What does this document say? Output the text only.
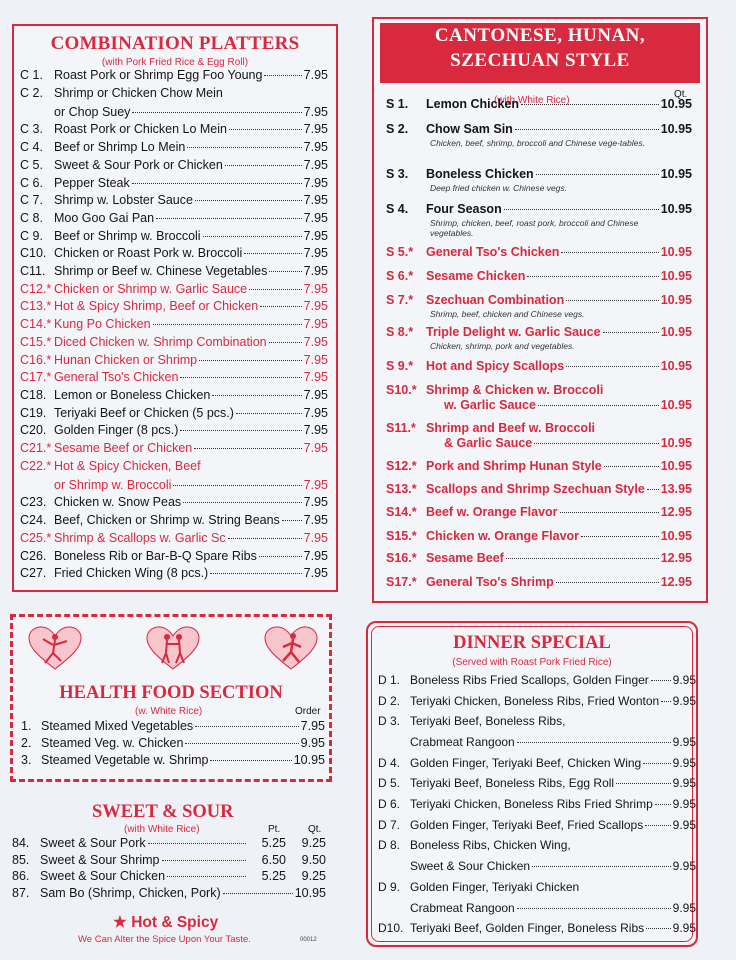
COMBINATION PLATTERS
(with Pork Fried Rice & Egg Roll)
C 1. Roast Pork or Shrimp Egg Foo Young	7.95
C 2. Shrimp or Chicken Chow Mein
or Chop Suey	7.95
C 3. Roast Pork or Chicken Lo Mein	7.95
C 4. Beef or Shrimp Lo Mein	7.95
C 5. Sweet & Sour Pork or Chicken	7.95
C 6. Pepper Steak	7.95
C 7. Shrimp w. Lobster Sauce	7.95
C 8. Moo Goo Gai Pan	7.95
C 9. Beef or Shrimp w. Broccoli	7.95
C10. Chicken or Roast Pork w. Broccoli	7.95
C11. Shrimp or Beef w. Chinese Vegetables	7.95
C12.* Chicken or Shrimp w. Garlic Sauce	7.95
C13.* Hot & Spicy Shrimp, Beef or Chicken	7.95
C14.* Kung Po Chicken	7.95
C15.* Diced Chicken w. Shrimp Combination	7.95
C16.* Hunan Chicken or Shrimp	7.95
C17.* General Tso's Chicken	7.95
C18. Lemon or Boneless Chicken	7.95
C19. Teriyaki Beef or Chicken (5 pcs.)	7.95
C20. Golden Finger (8 pcs.)	7.95
C21.* Sesame Beef or Chicken	7.95
C22.* Hot & Spicy Chicken, Beef
or Shrimp w. Broccoli	7.95
C23. Chicken w. Snow Peas	7.95
C24. Beef, Chicken or Shrimp w. String Beans 7.95
C25.* Shrimp & Scallops w. Garlic Sc	7.95
C26. Boneless Rib or Bar-B-Q Spare Ribs	7.95
C27. Fried Chicken Wing (8 pcs.)	7.95
CANTONESE, HUNAN,
SZECHUAN STYLE
(with White Rice)
Qt.
S 1.	Lemon Chicken	10.95
S 2.	Chow Sam Sin	10.95
Chicken, beef, shrimp, broccoli and Chinese vege-tables.
S 3.	Boneless Chicken	10.95
Deep fried chicken w. Chinese vegs.
S 4.	Four Season	10.95
Shrimp, chicken, beef, roast pork, broccoli and Chinese vegetables.
S 5.*	General Tso's Chicken	10.95
S 6.*	Sesame Chicken	10.95
S 7.*	Szechuan Combination	10.95
Shrimp, beef, chicken and Chinese vegs.
S 8.*	Triple Delight w. Garlic Sauce	10.95
Chicken, shrimp, pork and vegetables.
S 9.*	Hot and Spicy Scallops	10.95
S10.* Shrimp & Chicken w. Broccoli
w. Garlic Sauce	10.95
S11.* Shrimp and Beef w. Broccoli
& Garlic Sauce	10.95
S12.* Pork and Shrimp Hunan Style	10.95
S13.* Scallops and Shrimp Szechuan Style 13.95
S14.* Beef w. Orange Flavor	12.95
S15.* Chicken w. Orange Flavor	10.95
S16.* Sesame Beef	12.95
S17.* General Tso's Shrimp	12.95
HEALTH FOOD SECTION
(w. White Rice)	Order
1. Steamed Mixed Vegetables	7.95
2. Steamed Veg. w. Chicken	9.95
3. Steamed Vegetable w. Shrimp	10.95
SWEET & SOUR
(with White Rice)	Pt.	Qt.
84. Sweet & Sour Pork	5.25	9.25
85. Sweet & Sour Shrimp	6.50	9.50
86. Sweet & Sour Chicken	5.25	9.25
87. Sam Bo (Shrimp, Chicken, Pork)	10.95
★ Hot & Spicy
We Can Alter the Spice Upon Your Taste.	00012
DINNER SPECIAL
(Served with Roast Pork Fried Rice)
D 1. Boneless Ribs Fried Scallops, Golden Finger 9.95
D 2. Teriyaki Chicken, Boneless Ribs, Fried Wonton 9.95
D 3. Teriyaki Beef, Boneless Ribs,
Crabmeat Rangoon	9.95
D 4. Golden Finger, Teriyaki Beef, Chicken Wing	9.95
D 5. Teriyaki Beef, Boneless Ribs, Egg Roll	9.95
D 6. Teriyaki Chicken, Boneless Ribs Fried Shrimp 9.95
D 7. Golden Finger, Teriyaki Beef, Fried Scallops 9.95
D 8. Boneless Ribs, Chicken Wing,
Sweet & Sour Chicken	9.95
D 9. Golden Finger, Teriyaki Chicken
Crabmeat Rangoon	9.95
D10. Teriyaki Beef, Golden Finger, Boneless Ribs 9.95
